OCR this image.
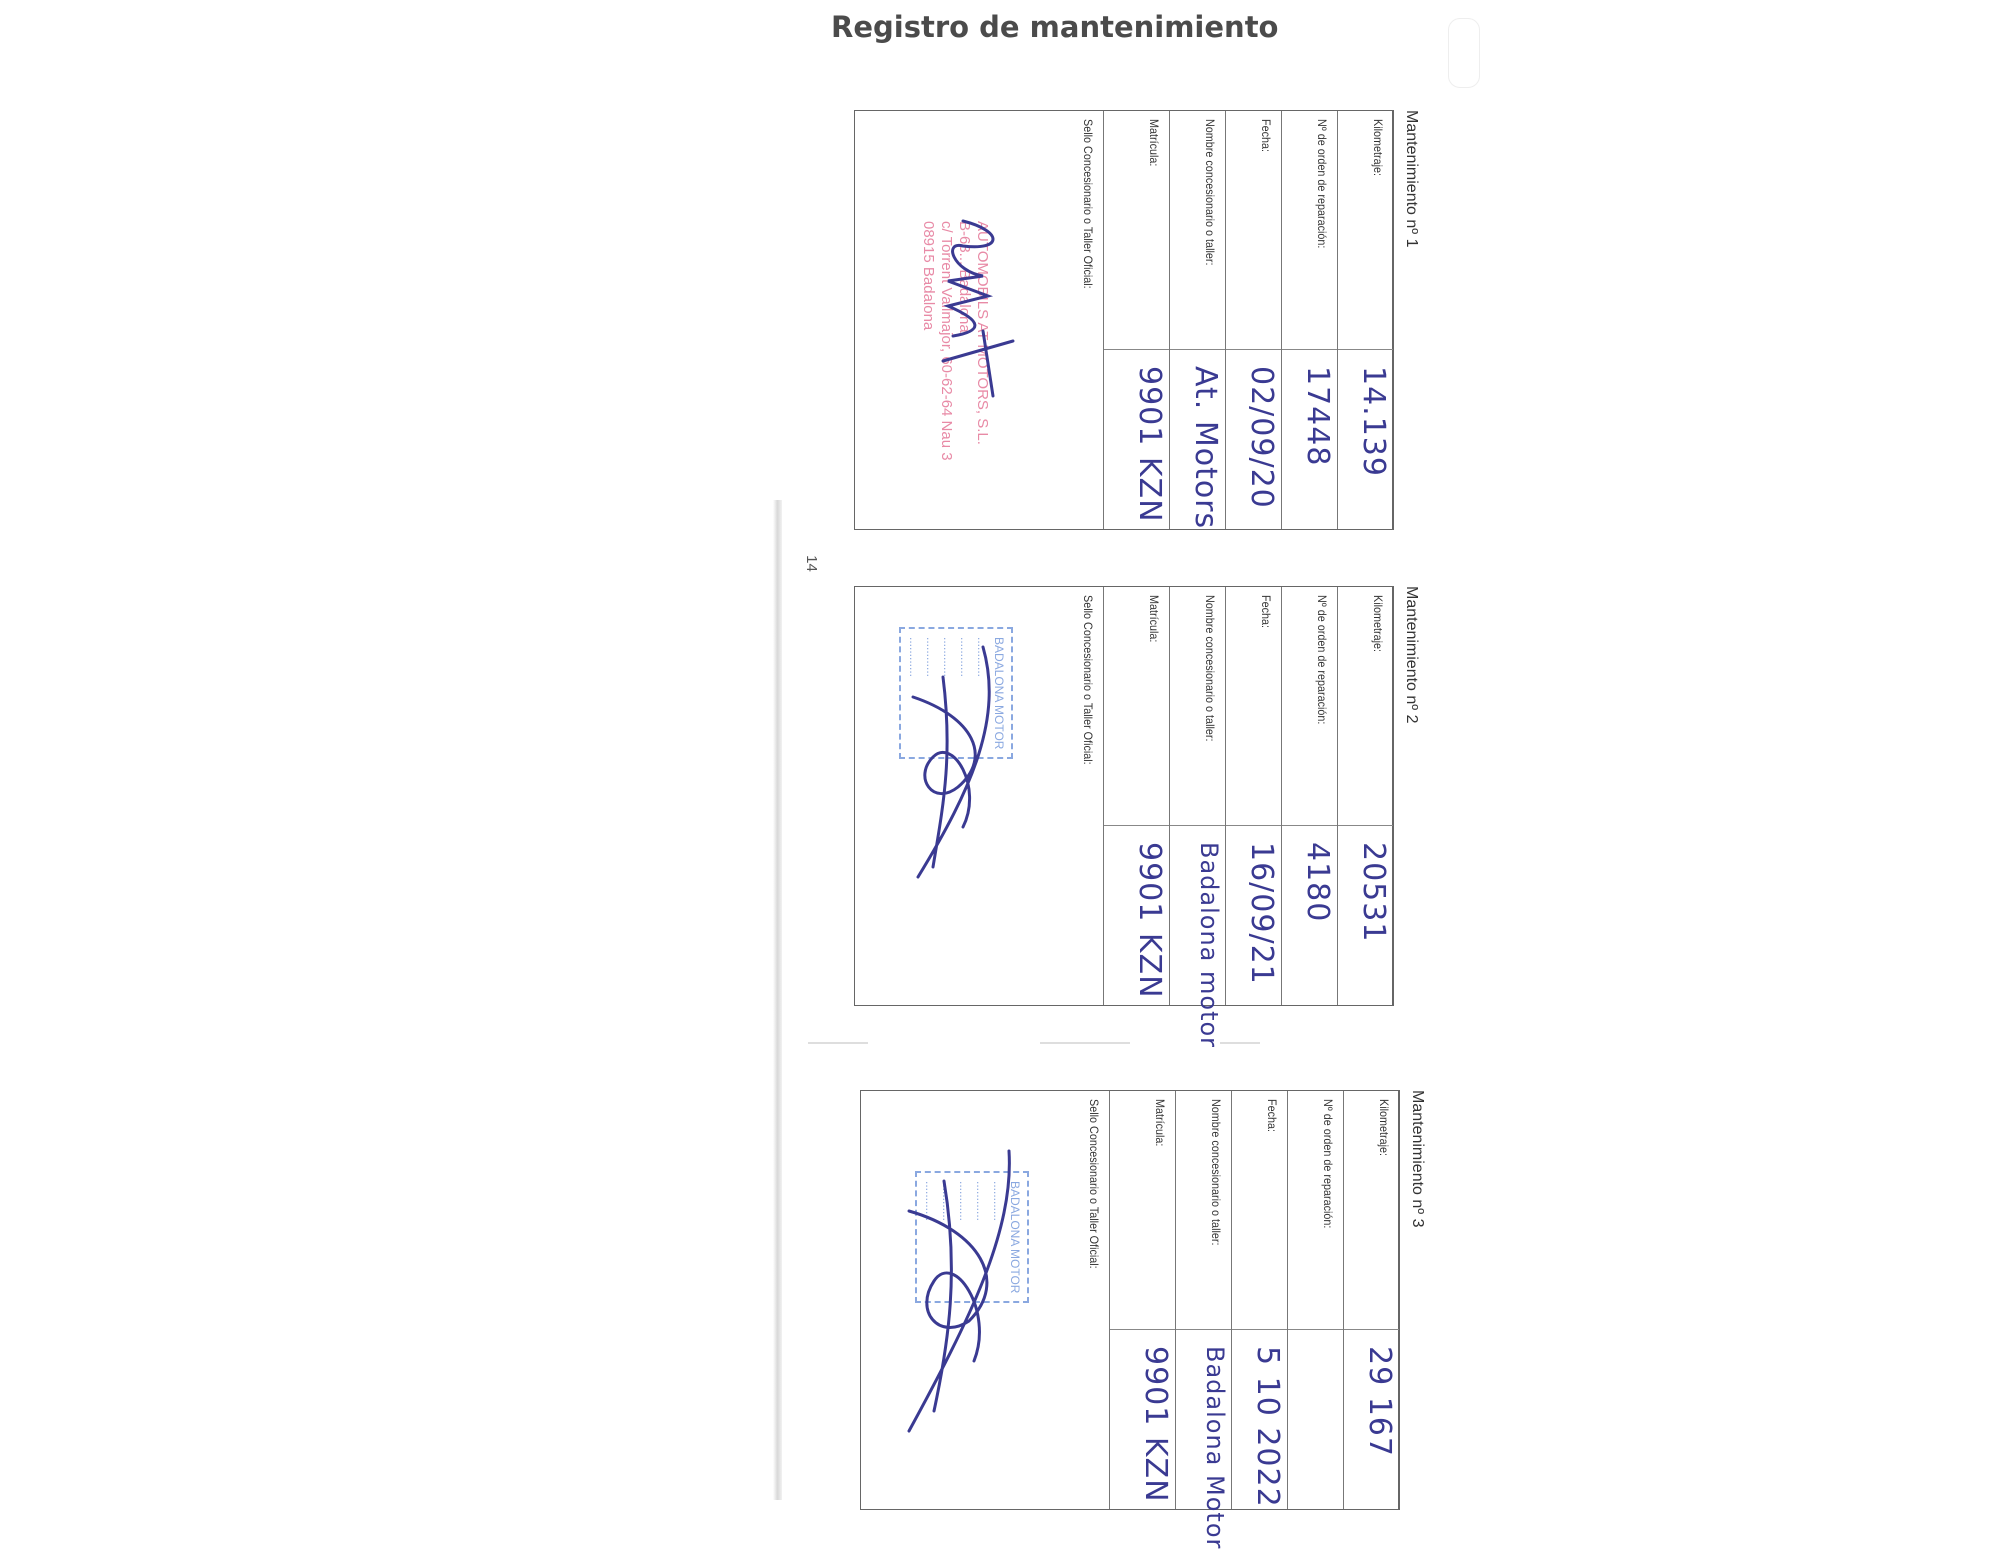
Registro de mantenimiento
14
Mantenimiento nº 1
Kilometraje:
14.139
Nº de orden de reparación:
17448
Fecha:
02/09/20
Nombre concesionario o taller:
At. Motors
Matrícula:
9901 KZN
Sello Concesionario o Taller Oficial:
AUTOMOBILS AT MOTORS, S.L.
B-63... Badalona
c/ Torrent Vallmajor, 60-62-64 Nau 3
08915 Badalona
Mantenimiento nº 2
Kilometraje:
20531
Nº de orden de reparación:
4180
Fecha:
16/09/21
Nombre concesionario o taller:
Badalona motor
Matrícula:
9901 KZN
Sello Concesionario o Taller Oficial:
BADALONA MOTOR
............
............
............
............
............
Mantenimiento nº 3
Kilometraje:
29 167
Nº de orden de reparación:
Fecha:
5 10 2022
Nombre concesionario o taller:
Badalona Motor
Matrícula:
9901 KZN
Sello Concesionario o Taller Oficial:
BADALONA MOTOR
............
............
............
............
............
